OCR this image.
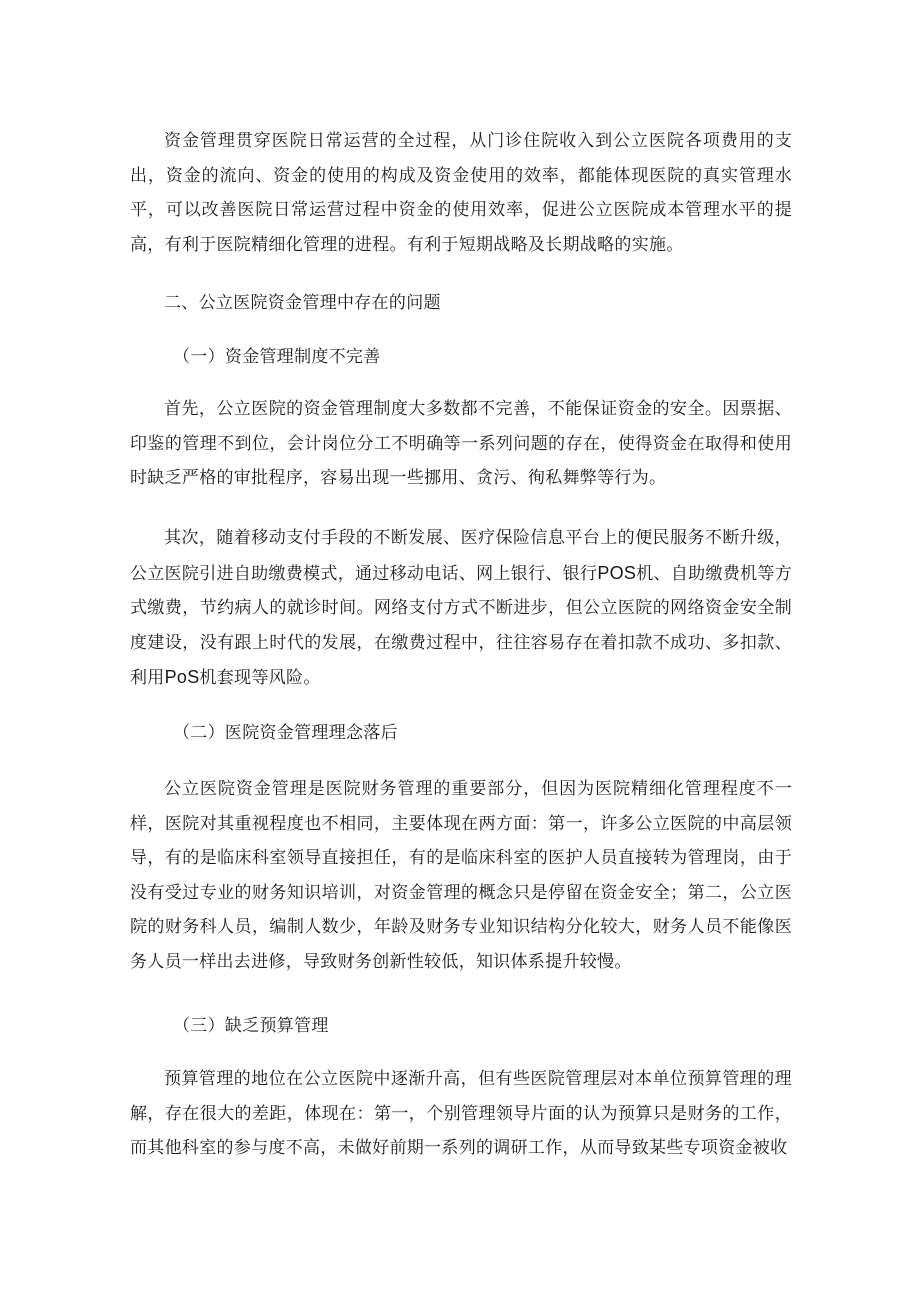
资金管理贯穿医院日常运营的全过程，从门诊住院收入到公立医院各项费用的支出，资金的流向、资金的使用的构成及资金使用的效率，都能体现医院的真实管理水平，可以改善医院日常运营过程中资金的使用效率，促进公立医院成本管理水平的提高，有利于医院精细化管理的进程。有利于短期战略及长期战略的实施。

二、公立医院资金管理中存在的问题

（一）资金管理制度不完善

首先，公立医院的资金管理制度大多数都不完善，不能保证资金的安全。因票据、印鉴的管理不到位，会计岗位分工不明确等一系列问题的存在，使得资金在取得和使用时缺乏严格的审批程序，容易出现一些挪用、贪污、徇私舞弊等行为。

其次，随着移动支付手段的不断发展、医疗保险信息平台上的便民服务不断升级，公立医院引进自助缴费模式，通过移动电话、网上银行、银行POS机、自助缴费机等方式缴费，节约病人的就诊时间。网络支付方式不断进步，但公立医院的网络资金安全制度建设，没有跟上时代的发展，在缴费过程中，往往容易存在着扣款不成功、多扣款、利用PoS机套现等风险。

（二）医院资金管理理念落后

公立医院资金管理是医院财务管理的重要部分，但因为医院精细化管理程度不一样，医院对其重视程度也不相同，主要体现在两方面：第一，许多公立医院的中高层领导，有的是临床科室领导直接担任，有的是临床科室的医护人员直接转为管理岗，由于没有受过专业的财务知识培训，对资金管理的概念只是停留在资金安全；第二，公立医院的财务科人员，编制人数少，年龄及财务专业知识结构分化较大，财务人员不能像医务人员一样出去进修，导致财务创新性较低，知识体系提升较慢。

（三）缺乏预算管理

预算管理的地位在公立医院中逐渐升高，但有些医院管理层对本单位预算管理的理解，存在很大的差距，体现在：第一，个别管理领导片面的认为预算只是财务的工作，而其他科室的参与度不高，未做好前期一系列的调研工作，从而导致某些专项资金被收
